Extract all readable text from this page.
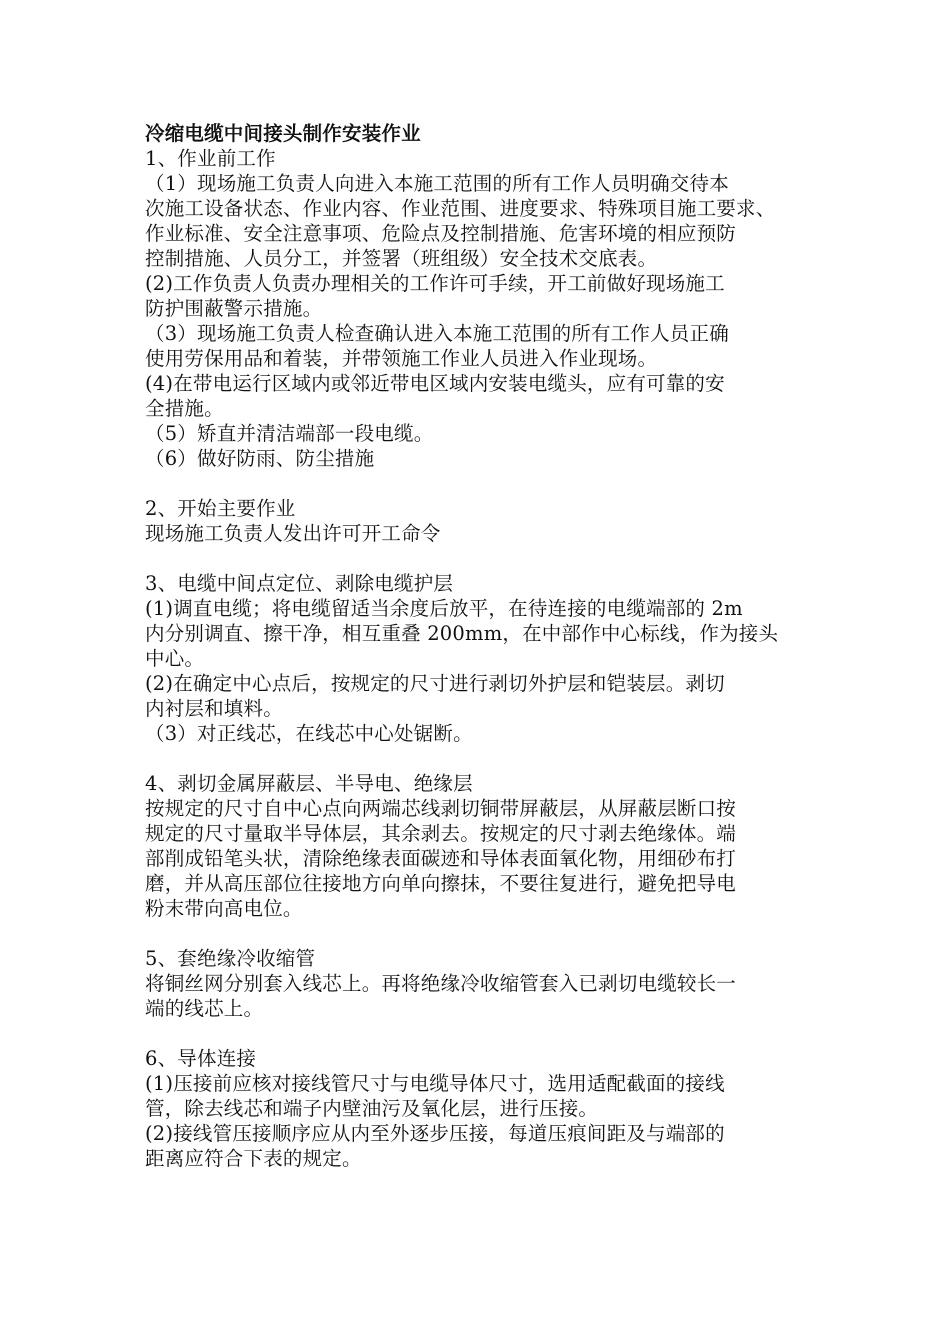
冷缩电缆中间接头制作安装作业

1、作业前工作

（1）现场施工负责人向进入本施工范围的所有工作人员明确交待本

次施工设备状态、作业内容、作业范围、进度要求、特殊项目施工要求、

作业标准、安全注意事项、危险点及控制措施、危害环境的相应预防

控制措施、人员分工，并签署（班组级）安全技术交底表。

(2)工作负责人负责办理相关的工作许可手续，开工前做好现场施工

防护围蔽警示措施。

（3）现场施工负责人检查确认进入本施工范围的所有工作人员正确

使用劳保用品和着装，并带领施工作业人员进入作业现场。

(4)在带电运行区域内或邻近带电区域内安装电缆头，应有可靠的安

全措施。

（5）矫直并清洁端部一段电缆。

（6）做好防雨、防尘措施

2、开始主要作业

现场施工负责人发出许可开工命令

3、电缆中间点定位、剥除电缆护层

(1)调直电缆；将电缆留适当余度后放平，在待连接的电缆端部的 2m

内分别调直、擦干净，相互重叠 200mm，在中部作中心标线，作为接头

中心。

(2)在确定中心点后，按规定的尺寸进行剥切外护层和铠装层。剥切

内衬层和填料。

（3）对正线芯，在线芯中心处锯断。

4、剥切金属屏蔽层、半导电、绝缘层

按规定的尺寸自中心点向两端芯线剥切铜带屏蔽层，从屏蔽层断口按

规定的尺寸量取半导体层，其余剥去。按规定的尺寸剥去绝缘体。端

部削成铅笔头状，清除绝缘表面碳迹和导体表面氧化物，用细砂布打

磨，并从高压部位往接地方向单向擦抹，不要往复进行，避免把导电

粉末带向高电位。

5、套绝缘冷收缩管

将铜丝网分别套入线芯上。再将绝缘冷收缩管套入已剥切电缆较长一

端的线芯上。

6、导体连接

(1)压接前应核对接线管尺寸与电缆导体尺寸，选用适配截面的接线

管，除去线芯和端子内壁油污及氧化层，进行压接。

(2)接线管压接顺序应从内至外逐步压接，每道压痕间距及与端部的

距离应符合下表的规定。
